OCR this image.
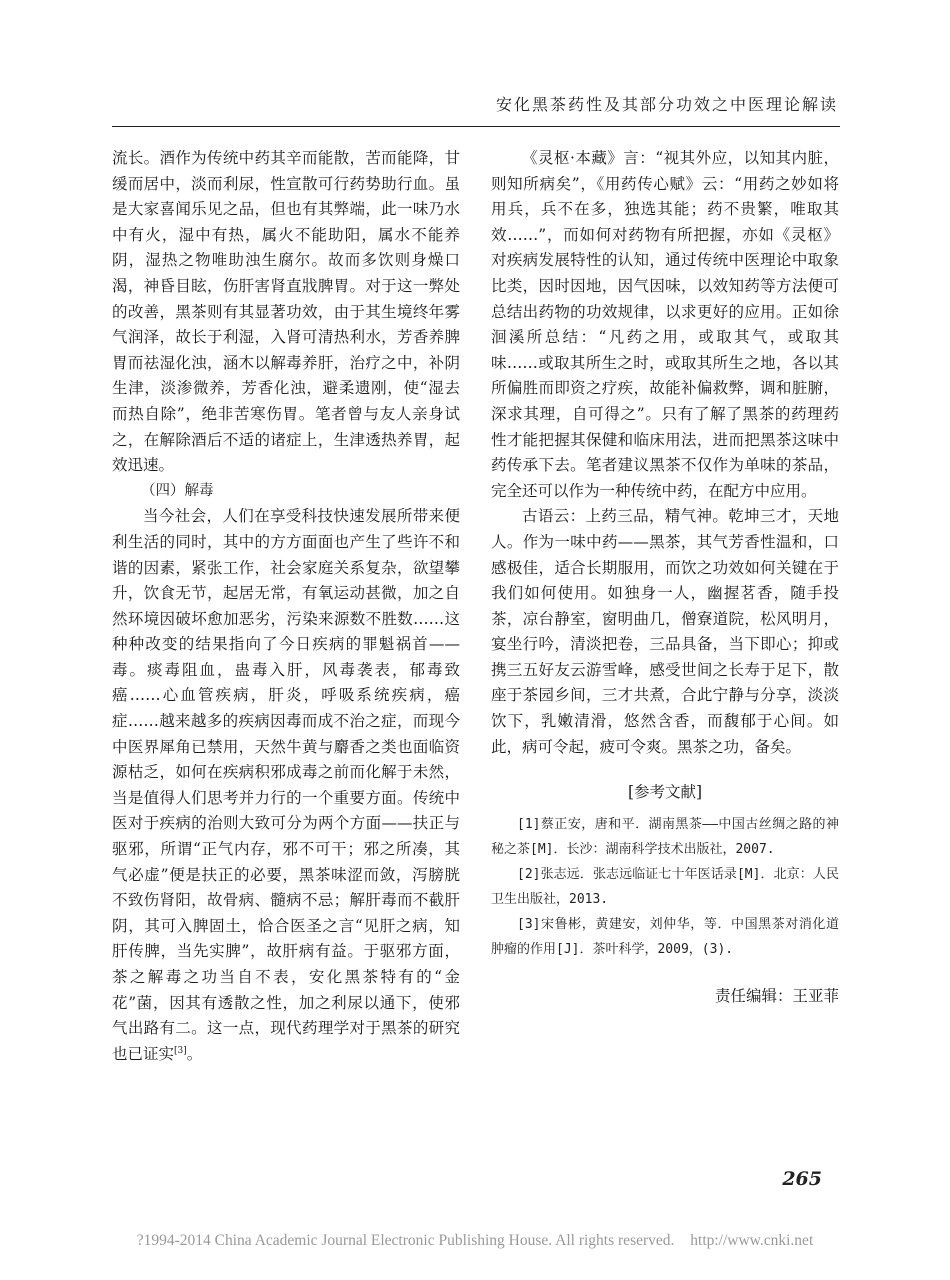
安化黑茶药性及其部分功效之中医理论解读

流长。酒作为传统中药其辛而能散，苦而能降，甘缓而居中，淡而利尿，性宣散可行药势助行血。虽是大家喜闻乐见之品，但也有其弊端，此一味乃水中有火，湿中有热，属火不能助阳，属水不能养阴，湿热之物唯助浊生腐尔。故而多饮则身燥口渴，神昏目眩，伤肝害肾直戕脾胃。对于这一弊处的改善，黑茶则有其显著功效，由于其生境终年雾气润泽，故长于利湿，入肾可清热利水，芳香养脾胃而祛湿化浊，涵木以解毒养肝，治疗之中，补阴生津，淡渗微养，芳香化浊，避柔遗刚，使“湿去而热自除”，绝非苦寒伤胃。笔者曾与友人亲身试之，在解除酒后不适的诸症上，生津透热养胃，起效迅速。

（四）解毒

当今社会，人们在享受科技快速发展所带来便利生活的同时，其中的方方面面也产生了些许不和谐的因素，紧张工作，社会家庭关系复杂，欲望攀升，饮食无节，起居无常，有氧运动甚微，加之自然环境因破坏愈加恶劣，污染来源数不胜数……这种种改变的结果指向了今日疾病的罪魁祸首——毒。痰毒阻血，蛊毒入肝，风毒袭表，郁毒致癌……心血管疾病，肝炎，呼吸系统疾病，癌症……越来越多的疾病因毒而成不治之症，而现今中医界犀角已禁用，天然牛黄与麝香之类也面临资源枯乏，如何在疾病积邪成毒之前而化解于未然，当是值得人们思考并力行的一个重要方面。传统中医对于疾病的治则大致可分为两个方面——扶正与驱邪，所谓“正气内存，邪不可干；邪之所凑，其气必虚”便是扶正的必要，黑茶味涩而敛，泻膀胱不致伤肾阳，故骨病、髓病不忌；解肝毒而不截肝阴，其可入脾固土，恰合医圣之言“见肝之病，知肝传脾，当先实脾”，故肝病有益。于驱邪方面，茶之解毒之功当自不表，安化黑茶特有的“金花”菌，因其有透散之性，加之利尿以通下，使邪气出路有二。这一点，现代药理学对于黑茶的研究也已证实[3]。

《灵枢·本藏》言：“视其外应，以知其内脏，则知所病矣”，《用药传心赋》云：“用药之妙如将用兵，兵不在多，独选其能；药不贵繁，唯取其效……”，而如何对药物有所把握，亦如《灵枢》对疾病发展特性的认知，通过传统中医理论中取象比类，因时因地，因气因味，以效知药等方法便可总结出药物的功效规律，以求更好的应用。正如徐洄溪所总结：“凡药之用，或取其气，或取其味……或取其所生之时，或取其所生之地，各以其所偏胜而即资之疗疾，故能补偏救弊，调和脏腑，深求其理，自可得之”。只有了解了黑茶的药理药性才能把握其保健和临床用法，进而把黑茶这味中药传承下去。笔者建议黑茶不仅作为单味的茶品，完全还可以作为一种传统中药，在配方中应用。

古语云：上药三品，精气神。乾坤三才，天地人。作为一味中药——黑茶，其气芳香性温和，口感极佳，适合长期服用，而饮之功效如何关键在于我们如何使用。如独身一人，幽握茗香，随手投茶，凉台静室，窗明曲几，僧寮道院，松风明月，宴坐行吟，清淡把卷，三品具备，当下即心；抑或携三五好友云游雪峰，感受世间之长寿于足下，散座于茶园乡间，三才共煮，合此宁静与分享，淡淡饮下，乳嫩清滑，悠然含香，而馥郁于心间。如此，病可令起，疲可令爽。黑茶之功，备矣。

[参考文献]

[1]蔡正安，唐和平．湖南黑茶——中国古丝绸之路的神秘之茶[M]．长沙：湖南科学技术出版社，2007.

[2]张志远．张志远临证七十年医话录[M]．北京：人民卫生出版社，2013.

[3]宋鲁彬，黄建安，刘仲华，等．中国黑茶对消化道肿瘤的作用[J]．茶叶科学，2009，(3).

责任编辑：王亚菲
265
?1994-2014 China Academic Journal Electronic Publishing House. All rights reserved. http://www.cnki.net
